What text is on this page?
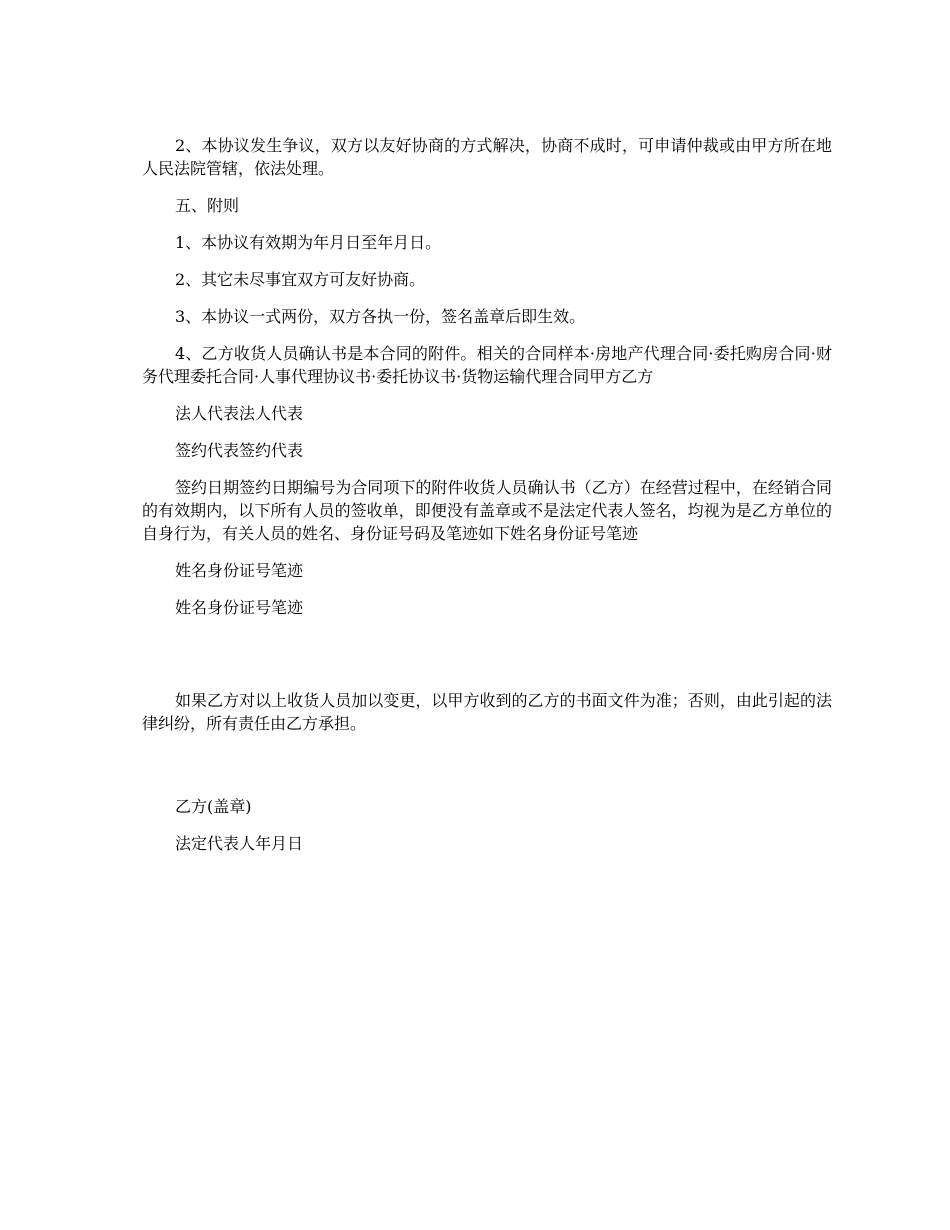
2、本协议发生争议，双方以友好协商的方式解决，协商不成时，可申请仲裁或由甲方所在地人民法院管辖，依法处理。

五、附则

1、本协议有效期为年月日至年月日。

2、其它未尽事宜双方可友好协商。

3、本协议一式两份，双方各执一份，签名盖章后即生效。

4、乙方收货人员确认书是本合同的附件。相关的合同样本·房地产代理合同·委托购房合同·财务代理委托合同·人事代理协议书·委托协议书·货物运输代理合同甲方乙方

法人代表法人代表

签约代表签约代表

签约日期签约日期编号为合同项下的附件收货人员确认书（乙方）在经营过程中，在经销合同的有效期内，以下所有人员的签收单，即便没有盖章或不是法定代表人签名，均视为是乙方单位的自身行为，有关人员的姓名、身份证号码及笔迹如下姓名身份证号笔迹

姓名身份证号笔迹

姓名身份证号笔迹

如果乙方对以上收货人员加以变更，以甲方收到的乙方的书面文件为准；否则，由此引起的法律纠纷，所有责任由乙方承担。

乙方(盖章)

法定代表人年月日
